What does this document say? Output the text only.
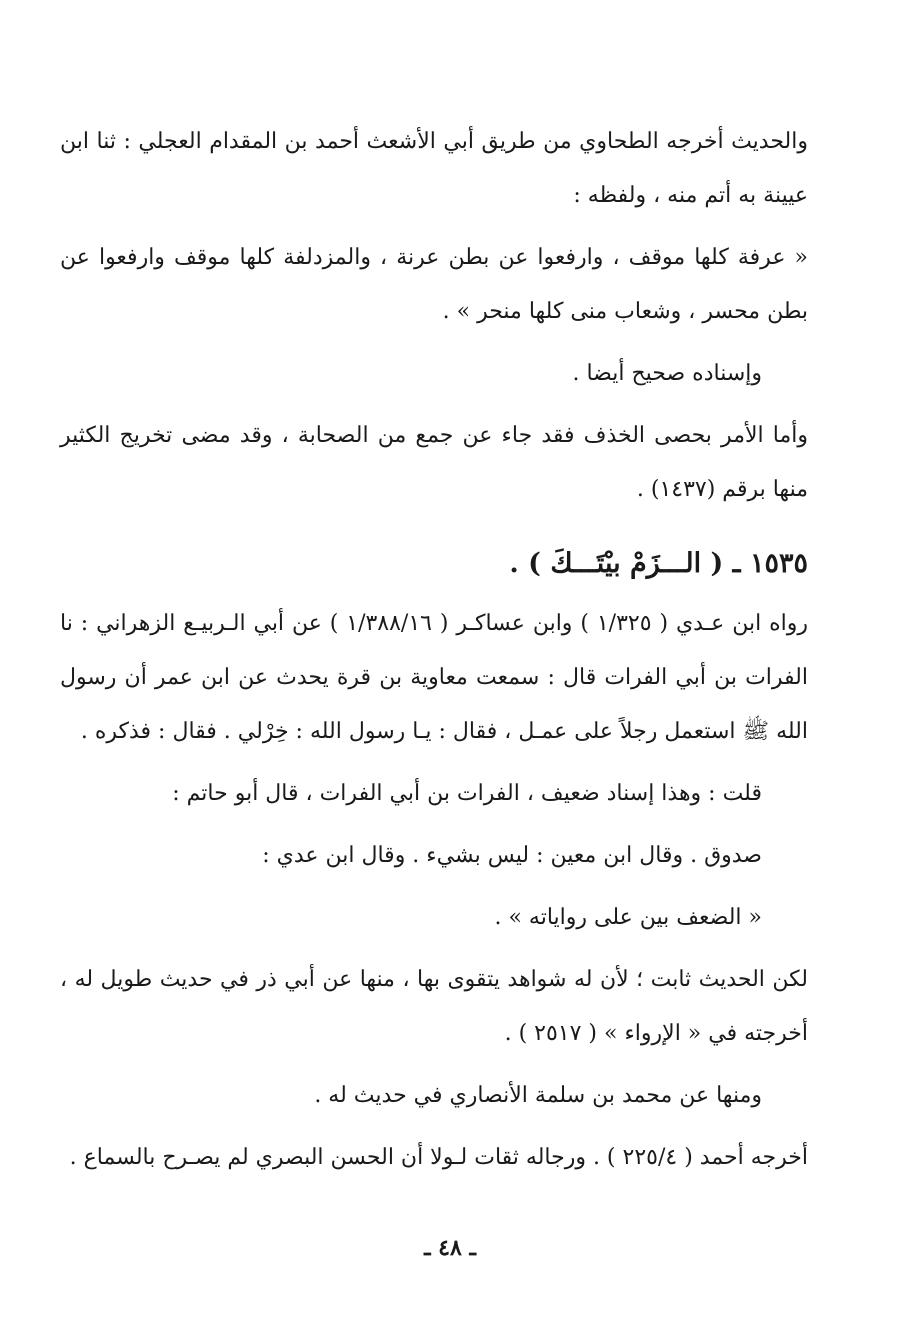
والحديث أخرجه الطحاوي من طريق أبي الأشعث أحمد بن المقدام العجلي : ثنا ابن عيينة به أتم منه ، ولفظه :

« عرفة كلها موقف ، وارفعوا عن بطن عرنة ، والمزدلفة كلها موقف وارفعوا عن بطن محسر ، وشعاب منى كلها منحر » .

وإسناده صحيح أيضا .

وأما الأمر بحصى الخذف فقد جاء عن جمع من الصحابة ، وقد مضى تخريج الكثير منها برقم (١٤٣٧) .

١٥٣٥ ـ ( الـــزَمْ بيْتَـــكَ ) .

رواه ابن عـدي ( ١/٣٢٥ ) وابن عساكـر ( ١/٣٨٨/١٦ ) عن أبي الـربيـع الزهراني : نا الفرات بن أبي الفرات قال : سمعت معاوية بن قرة يحدث عن ابن عمر أن رسول الله ﷺ استعمل رجلاً على عمـل ، فقال : يـا رسول الله : خِرْلي . فقال : فذكره .

قلت : وهذا إسناد ضعيف ، الفرات بن أبي الفرات ، قال أبو حاتم :

صدوق . وقال ابن معين : ليس بشيء . وقال ابن عدي :

« الضعف بين على رواياته » .

لكن الحديث ثابت ؛ لأن له شواهد يتقوى بها ، منها عن أبي ذر في حديث طويل له ، أخرجته في « الإرواء » ( ٢٥١٧ ) .

ومنها عن محمد بن سلمة الأنصاري في حديث له .

أخرجه أحمد ( ٢٢٥/٤ ) . ورجاله ثقات لـولا أن الحسن البصري لم يصـرح بالسماع .

ـ ٤٨ ـ
